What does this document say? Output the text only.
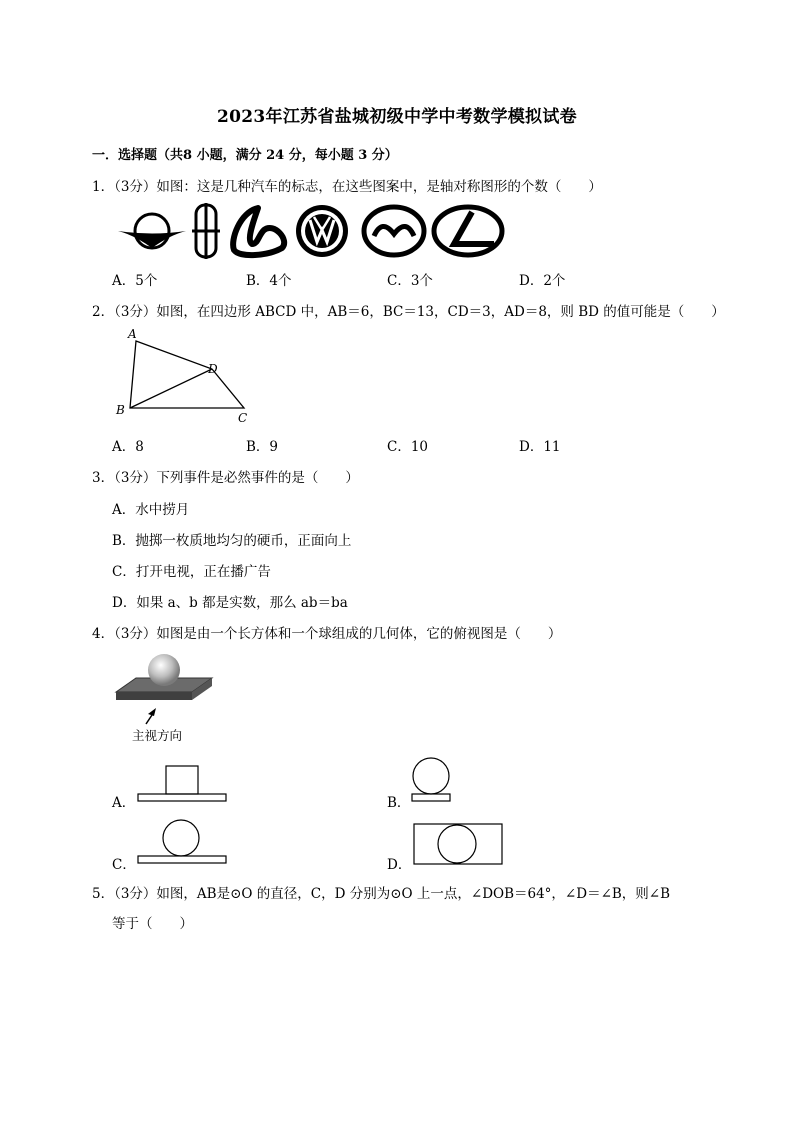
2023年江苏省盐城初级中学中考数学模拟试卷
一．选择题（共8 小题，满分 24 分，每小题 3 分）
1．（3分）如图：这是几种汽车的标志，在这些图案中，是轴对称图形的个数（　　）
A．5个	B．4个	C．3个	D．2个
2．（3分）如图，在四边形 ABCD 中，AB＝6，BC＝13，CD＝3，AD＝8，则 BD 的值可能是（　　）
A
B
C
D
A．8	B．9	C．10	D．11
3．（3分）下列事件是必然事件的是（　　）
A．水中捞月
B．抛掷一枚质地均匀的硬币，正面向上
C．打开电视，正在播广告
D．如果 a、b 都是实数，那么 ab＝ba
4．（3分）如图是由一个长方体和一个球组成的几何体，它的俯视图是（　　）
主视方向
A．	B．
C．	D．
5．（3分）如图，AB是⊙O 的直径，C，D 分别为⊙O 上一点，∠DOB＝64°，∠D＝∠B，则∠B
等于（　　）
